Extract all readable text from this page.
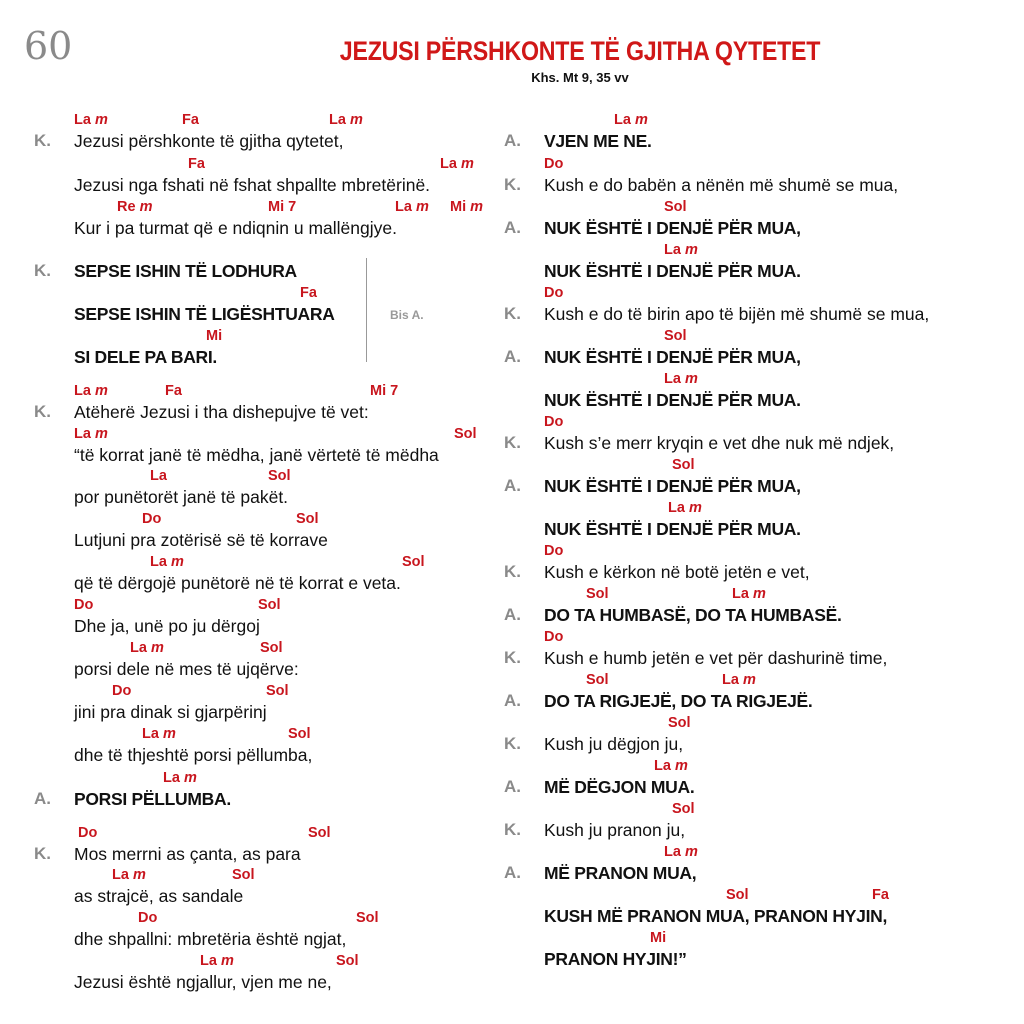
60	JEZUSI PËRSHKONTE TË GJITHA QYTETET
Khs. Mt 9, 35 vv
Bis A.
K. Jezusi përshkonte të gjitha qytetet,
La m	Fa	La m
Jezusi nga fshati në fshat shpallte mbretërinë.
Fa	La m
Kur i pa turmat që e ndiqnin u mallëngjye.
Re m	Mi 7	La m Mi m
K. SEPSE ISHIN TË LODHURA
SEPSE ISHIN TË LIGËSHTUARA
Fa
SI DELE PA BARI.
Mi
K. Atëherë Jezusi i tha dishepujve të vet:
La m	Fa	Mi 7
“të korrat janë të mëdha, janë vërtetë të mëdha
La m	Sol
por punëtorët janë të pakët.
La	Sol
Lutjuni pra zotërisë së të korrave
Do	Sol
që të dërgojë punëtorë në të korrat e veta.
La m	Sol
Dhe ja, unë po ju dërgoj
Do	Sol
porsi dele në mes të ujqërve:
La m	Sol
jini pra dinak si gjarpërinj
Do	Sol
dhe të thjeshtë porsi pëllumba,
La m	Sol
A. PORSI PËLLUMBA.
La m
K. Mos merrni as çanta, as para
Do	Sol
as strajcë, as sandale
La m	Sol
dhe shpallni: mbretëria është ngjat,
Do	Sol
Jezusi është ngjallur, vjen me ne,
La m	Sol
A. VJEN ME NE.
La m
K. Kush e do babën a nënën më shumë se mua,
Do
A. NUK ËSHTË I DENJË PËR MUA,
Sol
NUK ËSHTË I DENJË PËR MUA.
La m
K. Kush e do të birin apo të bijën më shumë se mua,
Do
A. NUK ËSHTË I DENJË PËR MUA,
Sol
NUK ËSHTË I DENJË PËR MUA.
La m
K. Kush s’e merr kryqin e vet dhe nuk më ndjek,
Do
A. NUK ËSHTË I DENJË PËR MUA,
Sol
NUK ËSHTË I DENJË PËR MUA.
La m
K. Kush e kërkon në botë jetën e vet,
Do
A. DO TA HUMBASË, DO TA HUMBASË.
Sol	La m
K. Kush e humb jetën e vet për dashurinë time,
Do
A. DO TA RIGJEJË, DO TA RIGJEJË.
Sol	La m
K. Kush ju dëgjon ju,
Sol
A. MË DËGJON MUA.
La m
K. Kush ju pranon ju,
Sol
A. MË PRANON MUA,
La m
KUSH MË PRANON MUA, PRANON HYJIN,
Sol	Fa
PRANON HYJIN!”
Mi
